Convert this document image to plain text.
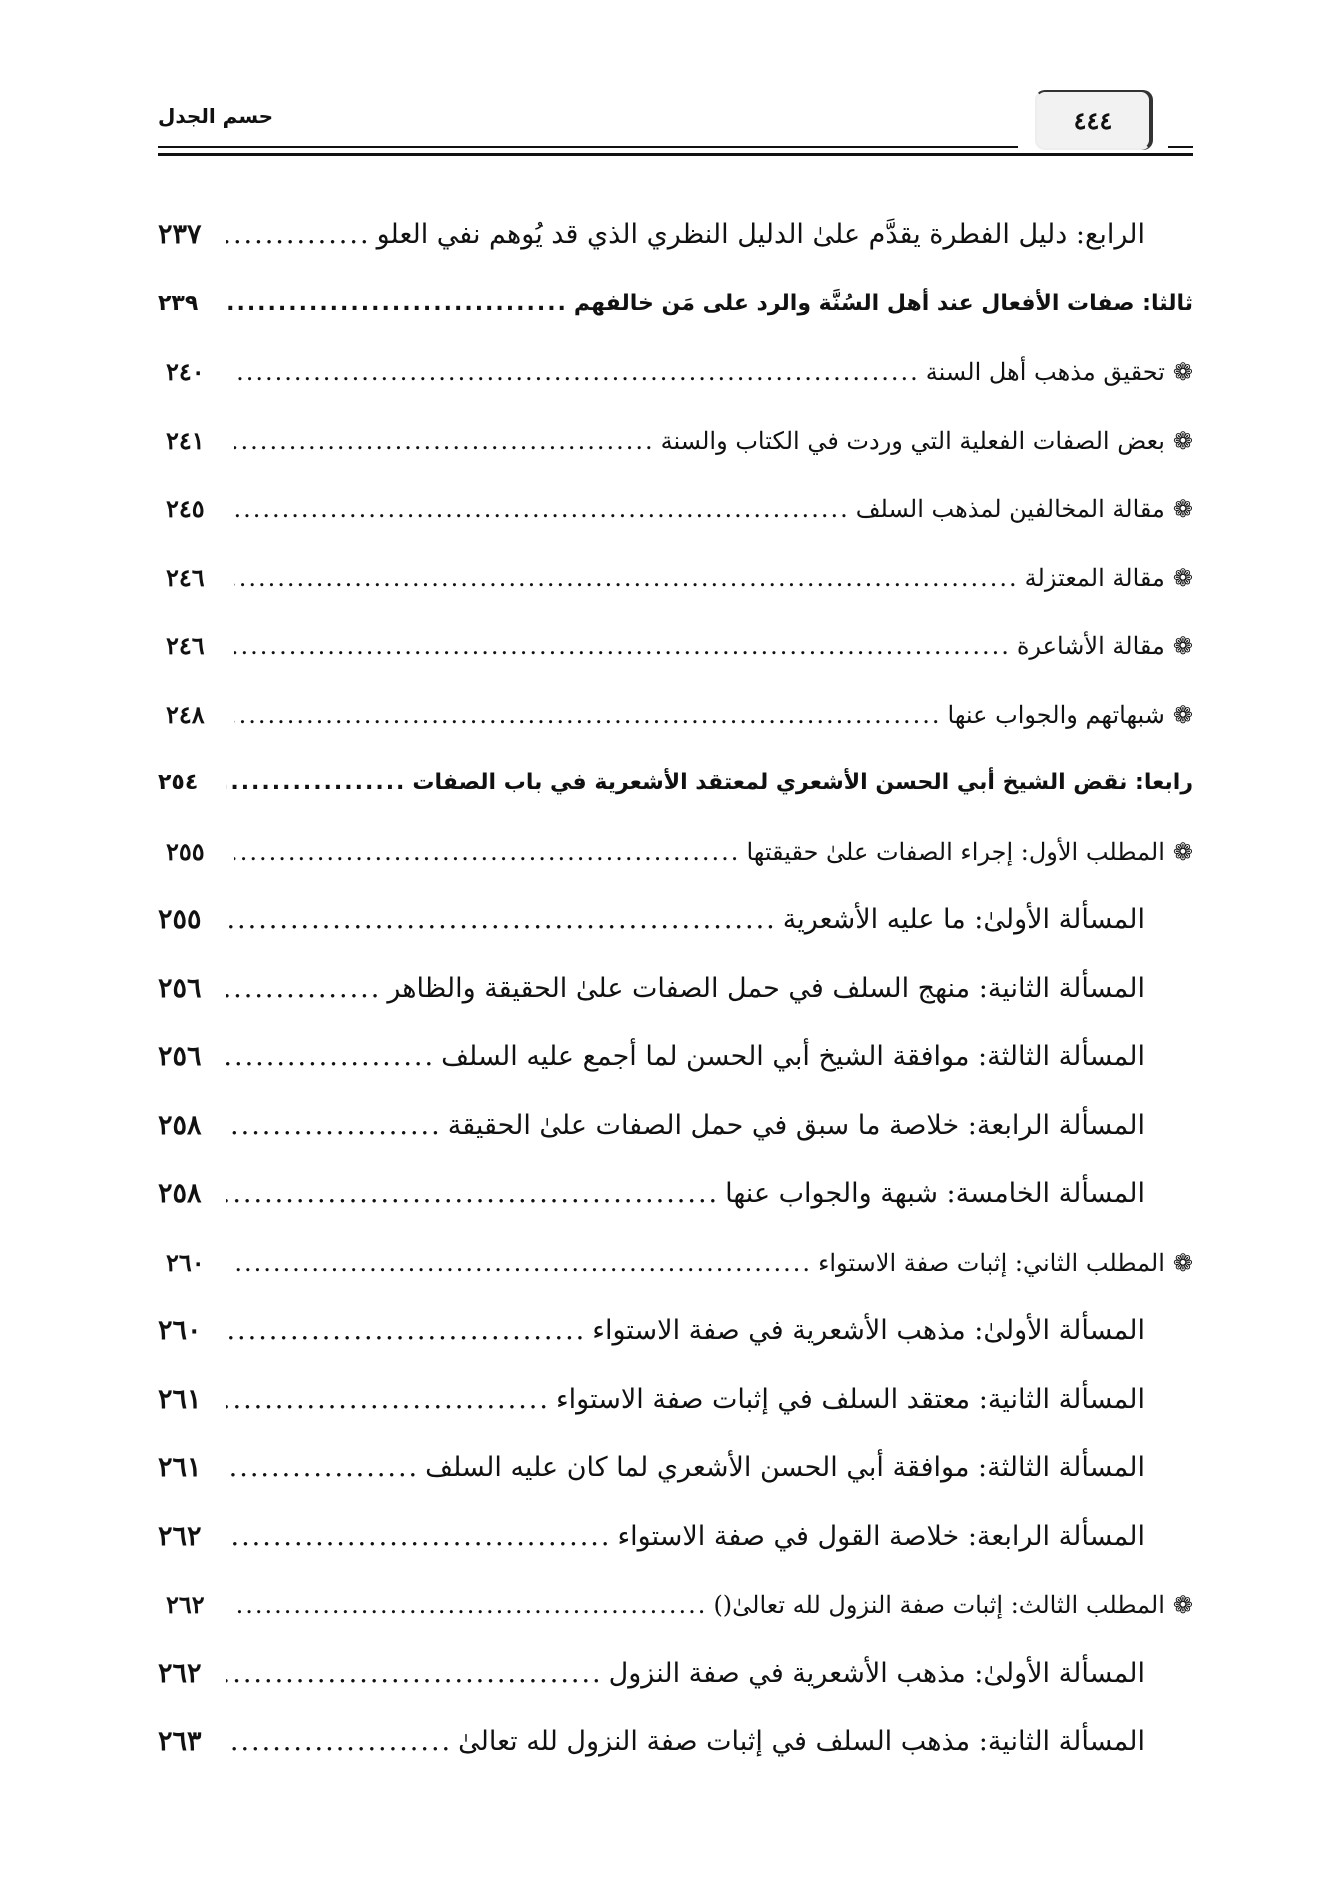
حسم الجدل	٤٤٤
الرابع: دليل الفطرة يقدَّم علىٰ الدليل النظري الذي قد يُوهم نفي العلو
.....
٢٣٧
ثالثا: صفات الأفعال عند أهل السُنَّة والرد على مَن خالفهم
.....
٢٣٩
❁
تحقيق مذهب أهل السنة
.....
٢٤٠
❁
بعض الصفات الفعلية التي وردت في الكتاب والسنة
.....
٢٤١
❁
مقالة المخالفين لمذهب السلف
.....
٢٤٥
❁
مقالة المعتزلة
.....
٢٤٦
❁
مقالة الأشاعرة
.....
٢٤٦
❁
شبهاتهم والجواب عنها
.....
٢٤٨
رابعا: نقض الشيخ أبي الحسن الأشعري لمعتقد الأشعرية في باب الصفات
.....
٢٥٤
❁
المطلب الأول: إجراء الصفات علىٰ حقيقتها
.....
٢٥٥
المسألة الأولىٰ: ما عليه الأشعرية
.....
٢٥٥
المسألة الثانية: منهج السلف في حمل الصفات علىٰ الحقيقة والظاهر
.....
٢٥٦
المسألة الثالثة: موافقة الشيخ أبي الحسن لما أجمع عليه السلف
.....
٢٥٦
المسألة الرابعة: خلاصة ما سبق في حمل الصفات علىٰ الحقيقة
.....
٢٥٨
المسألة الخامسة: شبهة والجواب عنها
.....
٢٥٨
❁
المطلب الثاني: إثبات صفة الاستواء
.....
٢٦٠
المسألة الأولىٰ: مذهب الأشعرية في صفة الاستواء
.....
٢٦٠
المسألة الثانية: معتقد السلف في إثبات صفة الاستواء
.....
٢٦١
المسألة الثالثة: موافقة أبي الحسن الأشعري لما كان عليه السلف
.....
٢٦١
المسألة الرابعة: خلاصة القول في صفة الاستواء
.....
٢٦٢
❁
المطلب الثالث: إثبات صفة النزول لله تعالىٰ()
.....
٢٦٢
المسألة الأولىٰ: مذهب الأشعرية في صفة النزول
.....
٢٦٢
المسألة الثانية: مذهب السلف في إثبات صفة النزول لله تعالىٰ
.....
٢٦٣
